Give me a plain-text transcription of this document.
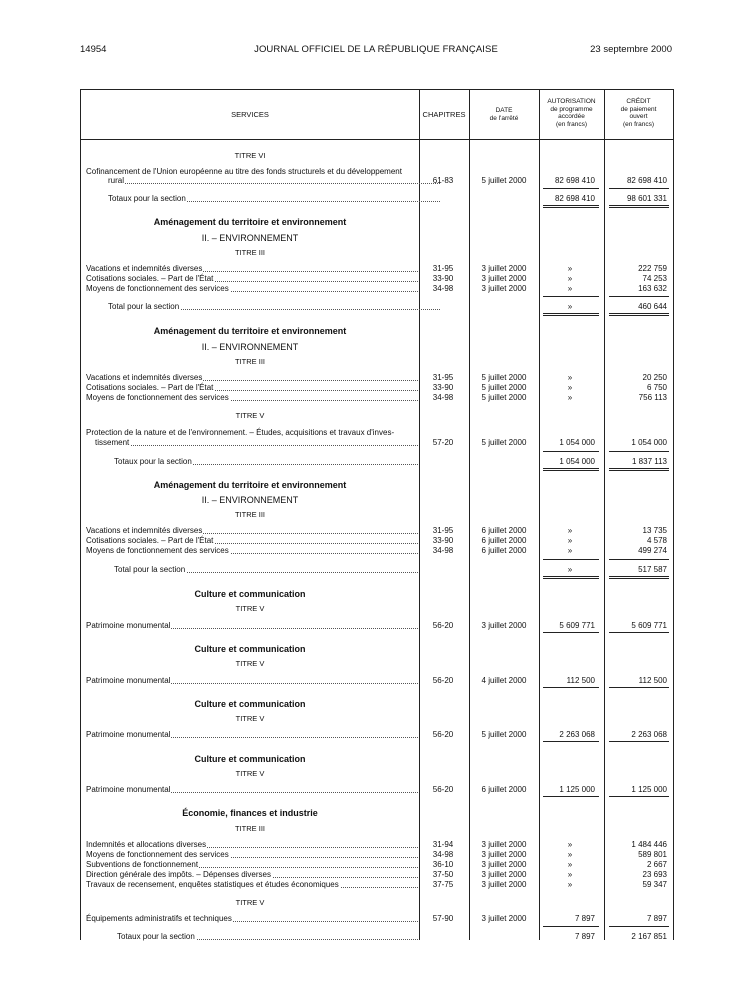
14954	JOURNAL OFFICIEL DE LA RÉPUBLIQUE FRANÇAISE	23 septembre 2000
SERVICES	CHAPITRES	DATE
de l'arrêté
AUTORISATION
de programme
accordée
(en francs)
CRÉDIT
de paiement
ouvert
(en francs)
TITRE VI
Cofinancement de l'Union européenne au titre des fonds structurels et du développement
rural	61-83	5 juillet 2000	82 698 410	82 698 410
Totaux pour la section	82 698 410	98 601 331
Aménagement du territoire et environnement
II. – ENVIRONNEMENT
TITRE III
Vacations et indemnités diverses	31-95	3 juillet 2000	»	222 759
Cotisations sociales. – Part de l'État	33-90	3 juillet 2000	»	74 253
Moyens de fonctionnement des services	34-98	3 juillet 2000	»	163 632
Total pour la section	»	460 644
Aménagement du territoire et environnement
II. – ENVIRONNEMENT
TITRE III
Vacations et indemnités diverses	31-95	5 juillet 2000	»	20 250
Cotisations sociales. – Part de l'État	33-90	5 juillet 2000	»	6 750
Moyens de fonctionnement des services	34-98	5 juillet 2000	»	756 113
TITRE V
Protection de la nature et de l'environnement. – Études, acquisitions et travaux d'inves-
tissement	57-20	5 juillet 2000	1 054 000	1 054 000
Totaux pour la section	1 054 000	1 837 113
Aménagement du territoire et environnement
II. – ENVIRONNEMENT
TITRE III
Vacations et indemnités diverses	31-95	6 juillet 2000	»	13 735
Cotisations sociales. – Part de l'État	33-90	6 juillet 2000	»	4 578
Moyens de fonctionnement des services	34-98	6 juillet 2000	»	499 274
Total pour la section	»	517 587
Culture et communication
TITRE V
Patrimoine monumental	56-20	3 juillet 2000	5 609 771	5 609 771
Culture et communication
TITRE V
Patrimoine monumental	56-20	4 juillet 2000	112 500	112 500
Culture et communication
TITRE V
Patrimoine monumental	56-20	5 juillet 2000	2 263 068	2 263 068
Culture et communication
TITRE V
Patrimoine monumental	56-20	6 juillet 2000	1 125 000	1 125 000
Économie, finances et industrie
TITRE III
Indemnités et allocations diverses	31-94	3 juillet 2000	»	1 484 446
Moyens de fonctionnement des services	34-98	3 juillet 2000	»	589 801
Subventions de fonctionnement	36-10	3 juillet 2000	»	2 667
Direction générale des impôts. – Dépenses diverses	37-50	3 juillet 2000	»	23 693
Travaux de recensement, enquêtes statistiques et études économiques	37-75	3 juillet 2000	»	59 347
TITRE V
Équipements administratifs et techniques	57-90	3 juillet 2000	7 897	7 897
Totaux pour la section	7 897	2 167 851
